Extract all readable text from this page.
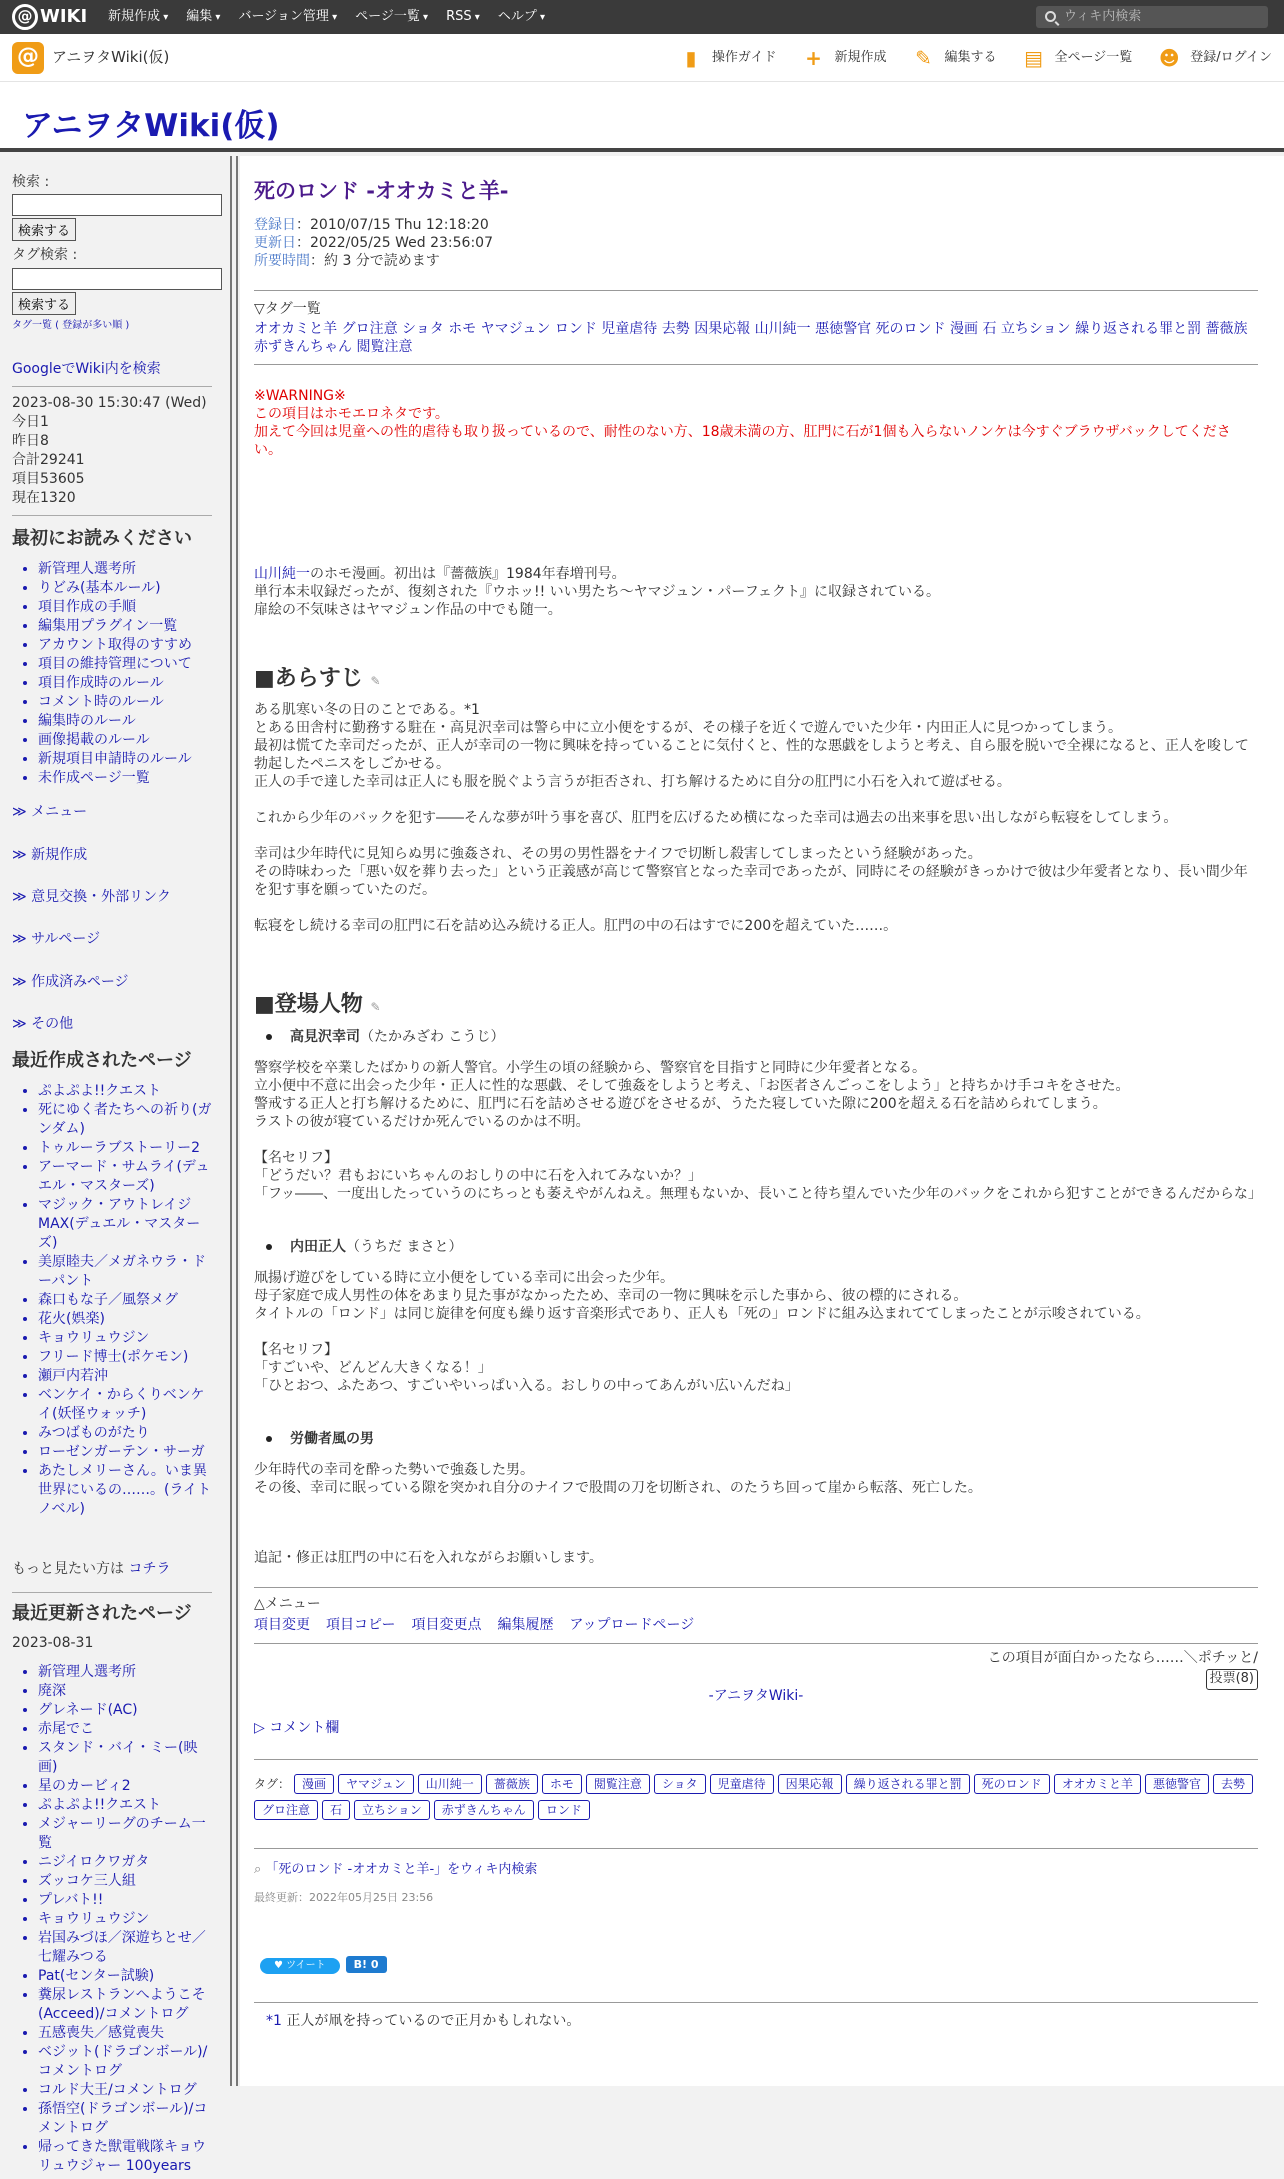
@ WIKI 新規作成 ▾	編集 ▾	バージョン管理 ▾	ページ一覧 ▾	RSS ▾	ヘルプ ▾	ウィキ内検索
@ アニヲタWiki(仮)	▮	操作ガイド + 新規作成 ✎ 編集する ▤ 全ページ一覧 ☻ 登録/ログイン
アニヲタWiki(仮)
検索 :
検索する
タグ検索 :
検索する
タグ一覧 ( 登録が多い順 )
GoogleでWiki内を検索
2023-08-30 15:30:47 (Wed)
今日1
昨日8
合計29241
項目53605
現在1320
最初にお読みください
• 新管理人選考所
• りどみ(基本ルール)
• 項目作成の手順
• 編集用プラグイン一覧
• アカウント取得のすすめ
• 項目の維持管理について
• 項目作成時のルール
• コメント時のルール
• 編集時のルール
• 画像掲載のルール
• 新規項目申請時のルール
• 未作成ページ一覧
≫ メニュー
≫ 新規作成
≫ 意見交換・外部リンク
≫ サルページ
≫ 作成済みページ
≫ その他
最近作成されたページ
• ぷよぷよ!!クエスト
• 死にゆく者たちへの祈り(ガンダム)
• トゥルーラブストーリー2
• アーマード・サムライ(デュエル・マスターズ)
• マジック・アウトレイジMAX(デュエル・マスターズ)
• 美原睦夫／メガネウラ・ドーパント
• 森口もな子／風祭メグ
• 花火(娯楽)
• キョウリュウジン
• フリード博士(ポケモン)
• 瀬戸内若沖
• ベンケイ・からくりベンケイ(妖怪ウォッチ)
• みつばものがたり
• ローゼンガーテン・サーガ
• あたしメリーさん。いま異世界にいるの……。(ライトノベル)
もっと見たい方は コチラ
最近更新されたページ
2023-08-31
• 新管理人選考所
• 廃深
• グレネード(AC)
• 赤尾でこ
• スタンド・バイ・ミー(映画)
• 星のカービィ2
• ぷよぷよ!!クエスト
• メジャーリーグのチーム一覧
• ニジイロクワガタ
• ズッコケ三人組
• プレバト!!
• キョウリュウジン
• 岩国みづほ／深遊ちとせ／七耀みつる
• Pat(センター試験)
• 糞尿レストランへようこそ(Acceed)/コメントログ
• 五感喪失／感覚喪失
• ベジット(ドラゴンボール)/コメントログ
• コルド大王/コメントログ
• 孫悟空(ドラゴンボール)/コメントログ
• 帰ってきた獣電戦隊キョウリュウジャー 100years
死のロンド -オオカミと羊-
登録日：2010/07/15 Thu 12:18:20
更新日：2022/05/25 Wed 23:56:07
所要時間：約 3 分で読めます
▽タグ一覧
オオカミと羊 グロ注意 ショタ ホモ ヤマジュン ロンド 児童虐待 去勢 因果応報 山川純一 悪徳警官 死のロンド 漫画 石 立ちション 繰り返される罪と罰 薔薇族 赤ずきんちゃん 閲覧注意
※WARNING※
この項目はホモエロネタです。
加えて今回は児童への性的虐待も取り扱っているので、耐性のない方、18歳未満の方、肛門に石が1個も入らないノンケは今すぐブラウザバックしてください。
山川純一のホモ漫画。初出は『薔薇族』1984年春増刊号。
単行本未収録だったが、復刻された『ウホッ!! いい男たち～ヤマジュン・パーフェクト』に収録されている。
扉絵の不気味さはヤマジュン作品の中でも随一。
■あらすじ ✎
ある肌寒い冬の日のことである。*1
とある田舎村に勤務する駐在・高見沢幸司は警ら中に立小便をするが、その様子を近くで遊んでいた少年・内田正人に見つかってしまう。
最初は慌てた幸司だったが、正人が幸司の一物に興味を持っていることに気付くと、性的な悪戯をしようと考え、自ら服を脱いで全裸になると、正人を唆して勃起したペニスをしごかせる。
正人の手で達した幸司は正人にも服を脱ぐよう言うが拒否され、打ち解けるために自分の肛門に小石を入れて遊ばせる。

これから少年のバックを犯す――そんな夢が叶う事を喜び、肛門を広げるため横になった幸司は過去の出来事を思い出しながら転寝をしてしまう。

幸司は少年時代に見知らぬ男に強姦され、その男の男性器をナイフで切断し殺害してしまったという経験があった。
その時味わった「悪い奴を葬り去った」という正義感が高じて警察官となった幸司であったが、同時にその経験がきっかけで彼は少年愛者となり、長い間少年を犯す事を願っていたのだ。

転寝をし続ける幸司の肛門に石を詰め込み続ける正人。肛門の中の石はすでに200を超えていた……。
■登場人物 ✎
高見沢幸司 （たかみざわ こうじ）
警察学校を卒業したばかりの新人警官。小学生の頃の経験から、警察官を目指すと同時に少年愛者となる。
立小便中不意に出会った少年・正人に性的な悪戯、そして強姦をしようと考え、「お医者さんごっこをしよう」と持ちかけ手コキをさせた。
警戒する正人と打ち解けるために、肛門に石を詰めさせる遊びをさせるが、うたた寝していた隙に200を超える石を詰められてしまう。
ラストの彼が寝ているだけか死んでいるのかは不明。

【名セリフ】
「どうだい？君もおにいちゃんのおしりの中に石を入れてみないか？」
「フッ――、一度出したっていうのにちっとも萎えやがんねえ。無理もないか、長いこと待ち望んでいた少年のバックをこれから犯すことができるんだからな」
内田正人 （うちだ まさと）
凧揚げ遊びをしている時に立小便をしている幸司に出会った少年。
母子家庭で成人男性の体をあまり見た事がなかったため、幸司の一物に興味を示した事から、彼の標的にされる。
タイトルの「ロンド」は同じ旋律を何度も繰り返す音楽形式であり、正人も「死の」ロンドに組み込まれててしまったことが示唆されている。

【名セリフ】
「すごいや、どんどん大きくなる！」
「ひとおつ、ふたあつ、すごいやいっぱい入る。おしりの中ってあんがい広いんだね」
労働者風の男
少年時代の幸司を酔った勢いで強姦した男。
その後、幸司に眠っている隙を突かれ自分のナイフで股間の刀を切断され、のたうち回って崖から転落、死亡した。
追記・修正は肛門の中に石を入れながらお願いします。
△メニュー
項目変更 項目コピー 項目変更点 編集履歴 アップロードページ
この項目が面白かったなら……＼ポチッと/
投票(8)
-アニヲタWiki-
▷ コメント欄
タグ： 漫画 ヤマジュン 山川純一 薔薇族 ホモ 閲覧注意 ショタ 児童虐待 因果応報 繰り返される罪と罰 死のロンド オオカミと羊 悪徳警官 去勢グロ注意 石 立ちション 赤ずきんちゃん ロンド
⌕ 「死のロンド -オオカミと羊-」をウィキ内検索
最終更新：2022年05月25日 23:56
♥ ツイート	B! 0
*1 正人が凧を持っているので正月かもしれない。
